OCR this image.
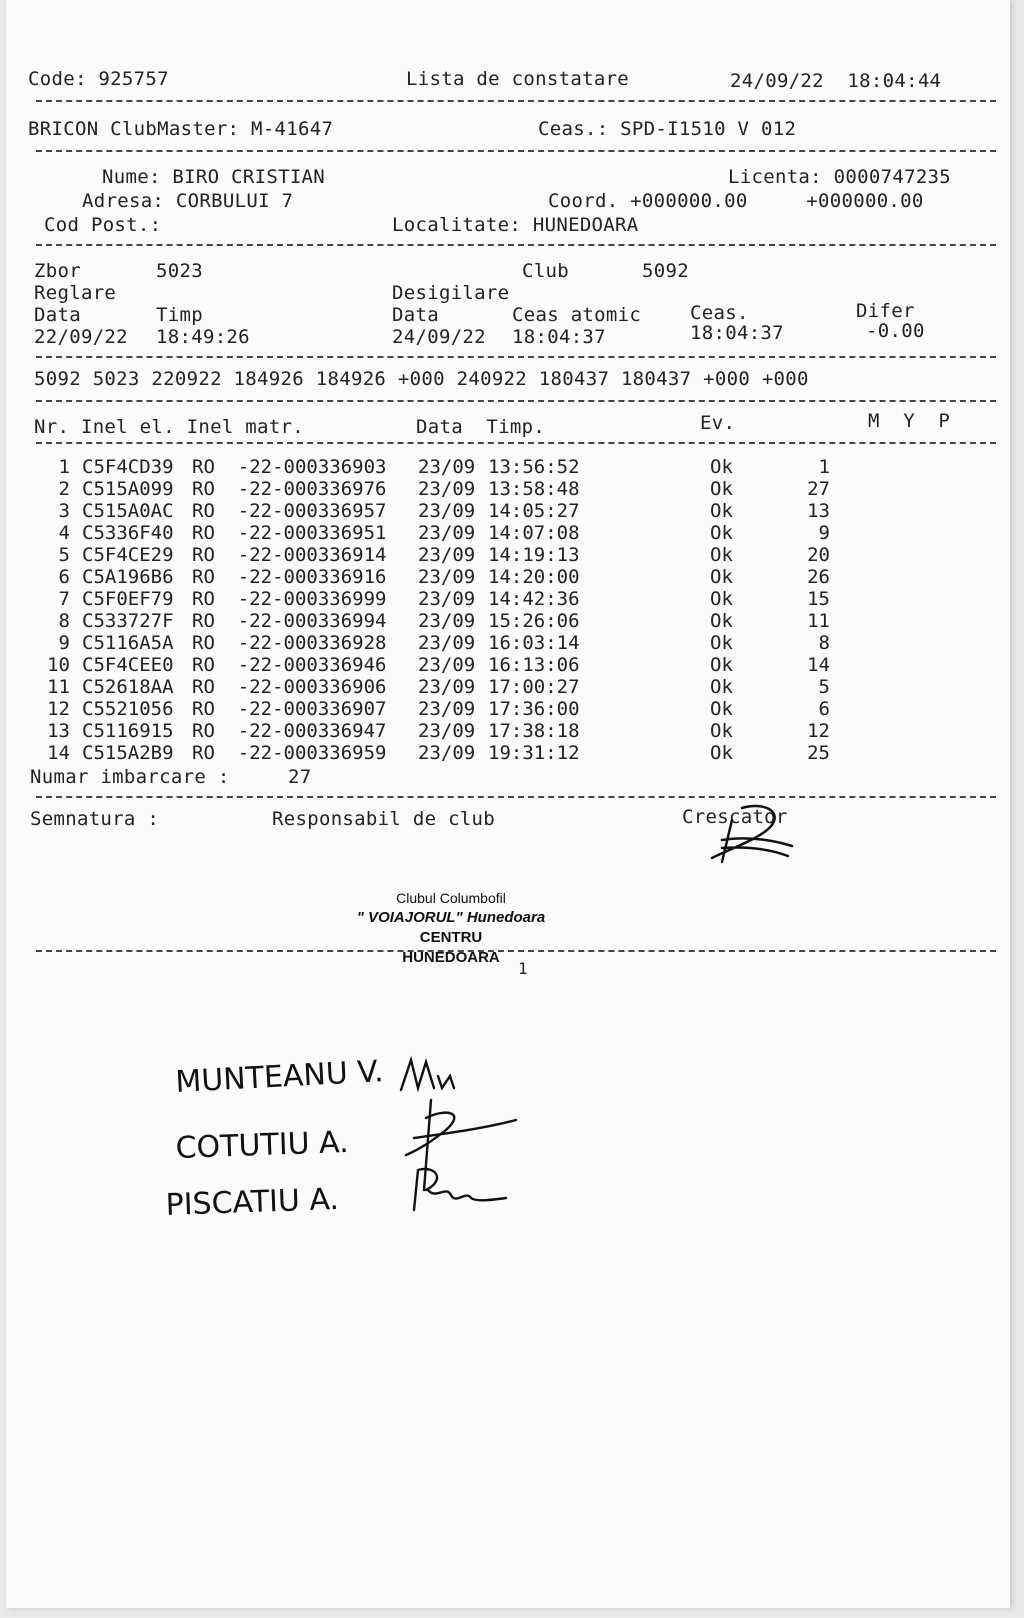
Code: 925757	Lista de constatare	24/09/22  18:04:44
BRICON ClubMaster: M-41647	Ceas.: SPD-I1510 V 012
Nume: BIRO CRISTIAN	Licenta: 0000747235
Adresa: CORBULUI 7	Coord. +000000.00     +000000.00
Cod Post.:	Localitate: HUNEDOARA
Zbor	5023	Club	5092
Reglare	Desigilare
Data	Timp	Data	Ceas atomic	Ceas.	Difer
22/09/22 18:49:26	24/09/22 18:04:37	18:04:37	-0.00
5092 5023 220922 184926 184926 +000 240922 180437 180437 +000 +000
Nr. Inel el. Inel matr.	Data  Timp.	Ev.	M  Y  P
1 C5F4CD39 RO  -22-000336903 23/09 13:56:52	Ok	1
2 C515A099 RO  -22-000336976 23/09 13:58:48	Ok	27
3 C515A0AC RO  -22-000336957 23/09 14:05:27	Ok	13
4 C5336F40 RO  -22-000336951 23/09 14:07:08	Ok	9
5 C5F4CE29 RO  -22-000336914 23/09 14:19:13	Ok	20
6 C5A196B6 RO  -22-000336916 23/09 14:20:00	Ok	26
7 C5F0EF79 RO  -22-000336999 23/09 14:42:36	Ok	15
8 C533727F RO  -22-000336994 23/09 15:26:06	Ok	11
9 C5116A5A RO  -22-000336928 23/09 16:03:14	Ok	8
10 C5F4CEE0 RO  -22-000336946 23/09 16:13:06	Ok	14
11 C52618AA RO  -22-000336906 23/09 17:00:27	Ok	5
12 C5521056 RO  -22-000336907 23/09 17:36:00	Ok	6
13 C5116915 RO  -22-000336947 23/09 17:38:18	Ok	12
14 C515A2B9 RO  -22-000336959 23/09 19:31:12	Ok	25
Numar imbarcare :	27
Semnatura :	Responsabil de club	Crescator
Clubul Columbofil
" VOIAJORUL" Hunedoara
CENTRU
HUNEDOARA
1
MUNTEANU V.
COTUTIU A.
PISCATIU A.
